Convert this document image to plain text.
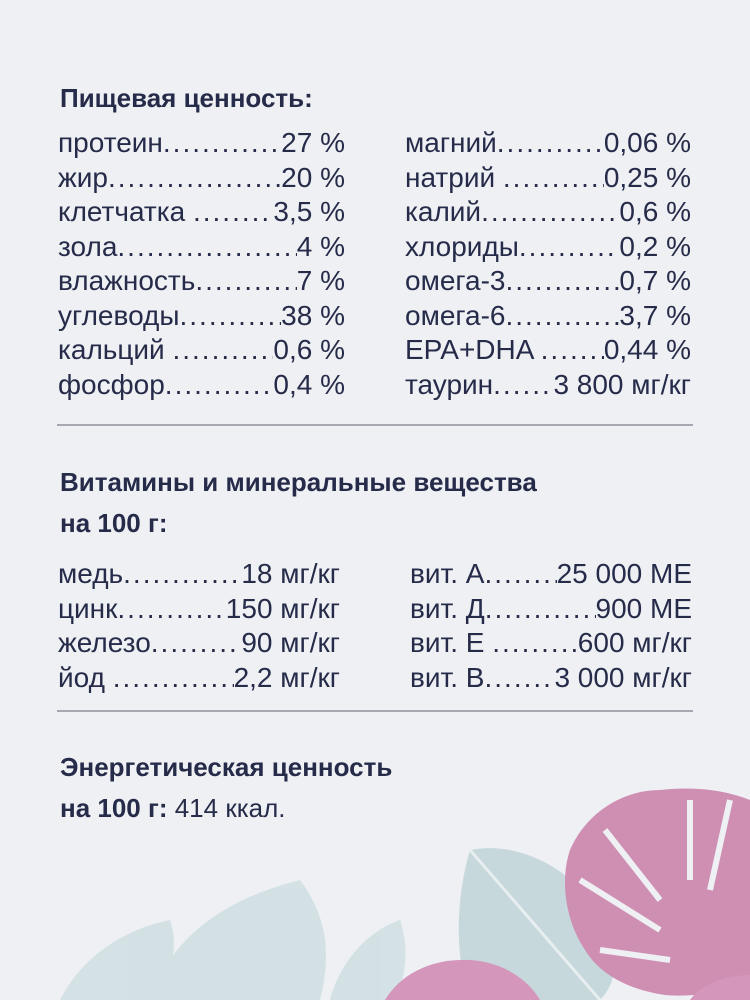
Пищевая ценность:
протеин .....	27 %
жир .....	20 %
клетчатка .....	3,5 %
зола .....	4 %
влажность .....	7 %
углеводы .....	38 %
кальций .....	0,6 %
фосфор .....	0,4 %
магний .....	0,06 %
натрий .....	0,25 %
калий .....	0,6 %
хлориды .....	0,2 %
омега-3 .....	0,7 %
омега-6 .....	3,7 %
EPA+DHA ..... 0,44 %
таурин ..... 3 800 мг/кг
Витамины и минеральные вещества
на 100 г:
медь .....	18 мг/кг
цинк .....	150 мг/кг
железо .....	90 мг/кг
йод .....	2,2 мг/кг
вит. А .....	25 000 МЕ
вит. Д .....	900 МЕ
вит. Е .....	600 мг/кг
вит. В ..... 3 000 мг/кг
Энергетическая ценность
на 100 г: 414 ккал.
